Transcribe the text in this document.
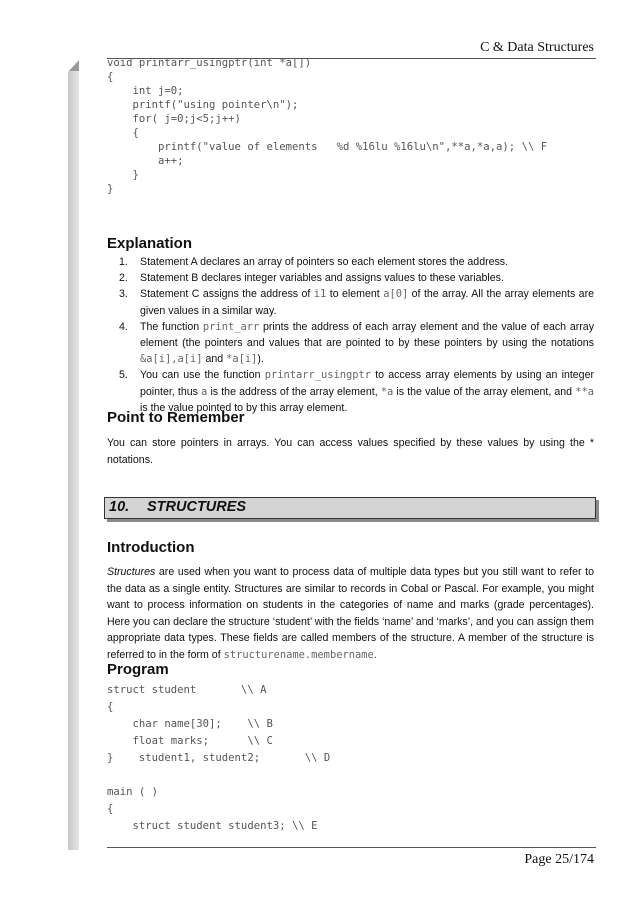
C & Data Structures
void printarr_usingptr(int *a[])
{
int j=0;
printf("using pointer\n");
for( j=0;j<5;j++)
{
printf("value of elements   %d %16lu %16lu\n",**a,*a,a); \\ F
a++;
}
}
Explanation
1. Statement A declares an array of pointers so each element stores the address.
2. Statement B declares integer variables and assigns values to these variables.
3. Statement C assigns the address of i1 to element a[0] of the array. All the array elements are given values in a similar way.
4. The function print_arr prints the address of each array element and the value of each array element (the pointers and values that are pointed to by these pointers by using the notations &a[i],a[i] and *a[i]).
5. You can use the function printarr_usingptr to access array elements by using an integer pointer, thus a is the address of the array element, *a is the value of the array element, and **a is the value pointed to by this array element.
Point to Remember
You can store pointers in arrays. You can access values specified by these values by using the * notations.
10. STRUCTURES
Introduction
Structures are used when you want to process data of multiple data types but you still want to refer to the data as a single entity. Structures are similar to records in Cobal or Pascal. For example, you might want to process information on students in the categories of name and marks (grade percentages). Here you can declare the structure ‘student’ with the fields ‘name’ and ‘marks’, and you can assign them appropriate data types. These fields are called members of the structure. A member of the structure is referred to in the form of structurename.membername.
Program
struct student       \\ A
{
char name[30];    \\ B
float marks;      \\ C
}    student1, student2;       \\ D

main ( )
{
struct student student3; \\ E
Page 25/174
